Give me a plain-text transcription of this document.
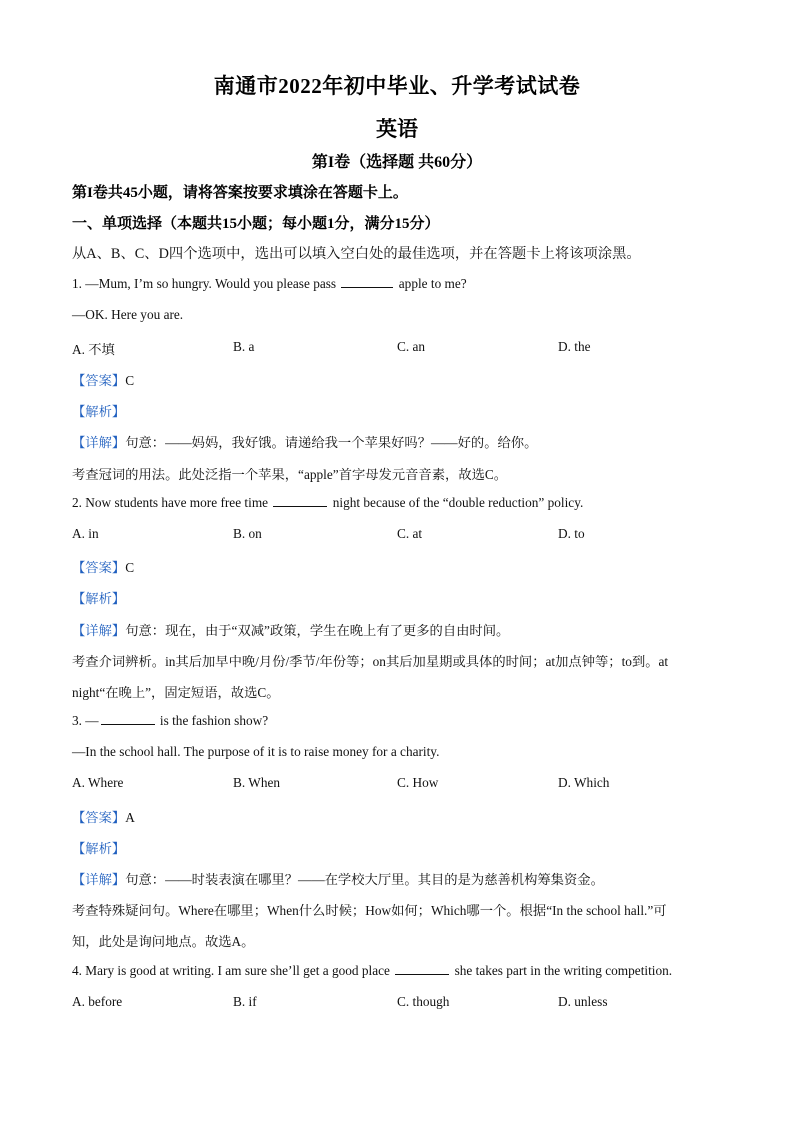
南通市2022年初中毕业、升学考试试卷
英语
第I卷（选择题 共60分）
第I卷共45小题，请将答案按要求填涂在答题卡上。
一、单项选择（本题共15小题；每小题1分，满分15分）
从A、B、C、D四个选项中，选出可以填入空白处的最佳选项，并在答题卡上将该项涂黑。
1. —Mum, I’m so hungry. Would you please pass	apple to me?
—OK. Here you are.
A. 不填	B. a	C. an	D. the
【答案】C
【解析】
【详解】句意：——妈妈，我好饿。请递给我一个苹果好吗？——好的。给你。
考查冠词的用法。此处泛指一个苹果，“apple”首字母发元音音素，故选C。
2. Now students have more free time	night because of the “double reduction” policy.
A. in	B. on	C. at	D. to
【答案】C
【解析】
【详解】句意：现在，由于“双减”政策，学生在晚上有了更多的自由时间。
考查介词辨析。in其后加早中晚/月份/季节/年份等；on其后加星期或具体的时间；at加点钟等；to到。at
night“在晚上”，固定短语，故选C。
3. —	is the fashion show?
—In the school hall. The purpose of it is to raise money for a charity.
A. Where	B. When	C. How	D. Which
【答案】A
【解析】
【详解】句意：——时装表演在哪里？——在学校大厅里。其目的是为慈善机构筹集资金。
考查特殊疑问句。Where在哪里；When什么时候；How如何；Which哪一个。根据“In the school hall.”可
知，此处是询问地点。故选A。
4. Mary is good at writing. I am sure she’ll get a good place	she takes part in the writing competition.
A. before	B. if	C. though	D. unless
